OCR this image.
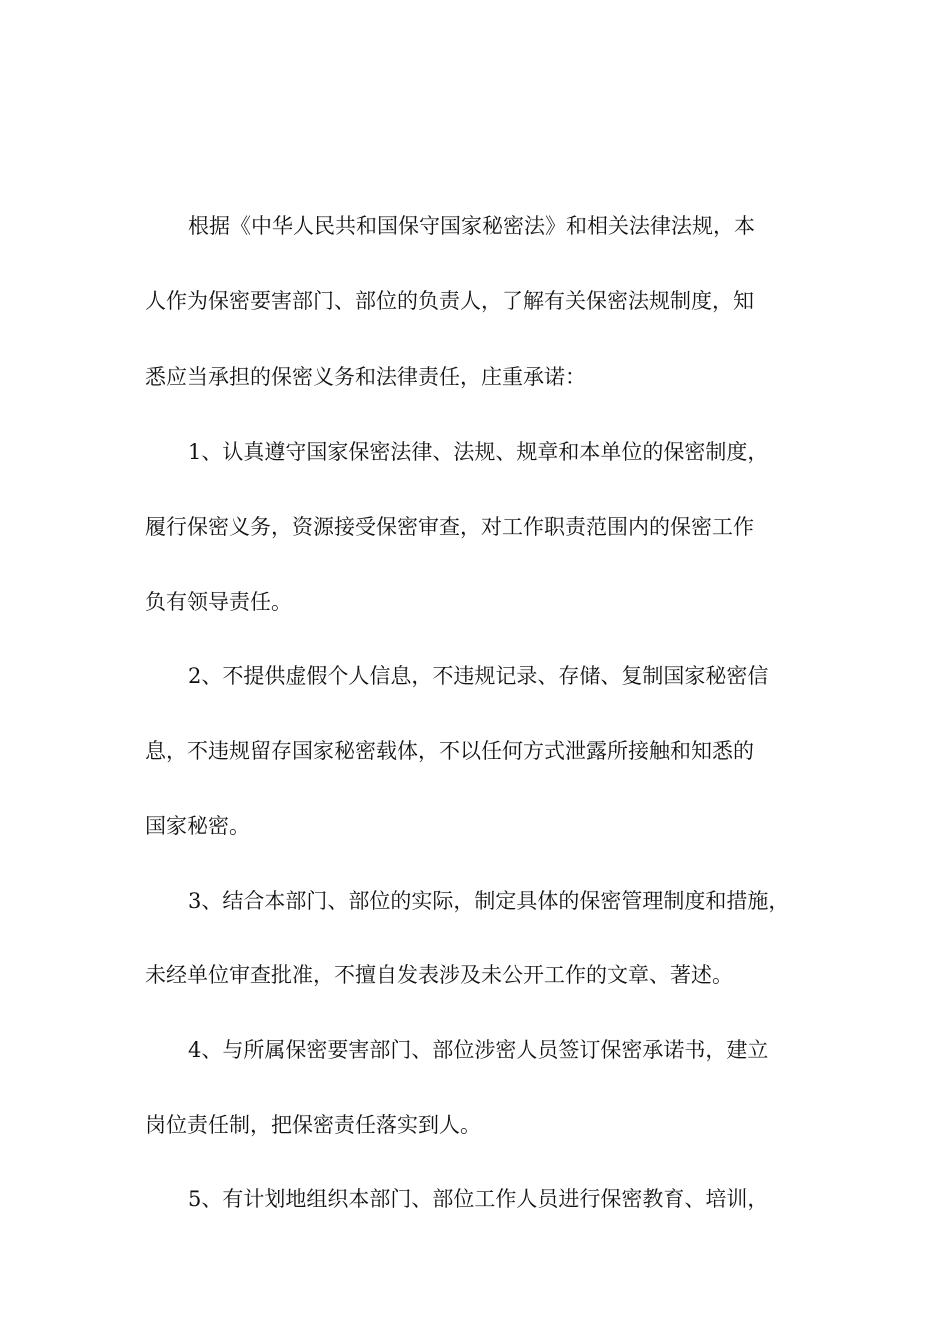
根据《中华人民共和国保守国家秘密法》和相关法律法规，本
人作为保密要害部门、部位的负责人，了解有关保密法规制度，知
悉应当承担的保密义务和法律责任，庄重承诺：
1、认真遵守国家保密法律、法规、规章和本单位的保密制度，
履行保密义务，资源接受保密审查，对工作职责范围内的保密工作
负有领导责任。
2、不提供虚假个人信息，不违规记录、存储、复制国家秘密信
息，不违规留存国家秘密载体，不以任何方式泄露所接触和知悉的
国家秘密。
3、结合本部门、部位的实际，制定具体的保密管理制度和措施，
未经单位审查批准，不擅自发表涉及未公开工作的文章、著述。
4、与所属保密要害部门、部位涉密人员签订保密承诺书，建立
岗位责任制，把保密责任落实到人。
5、有计划地组织本部门、部位工作人员进行保密教育、培训，
